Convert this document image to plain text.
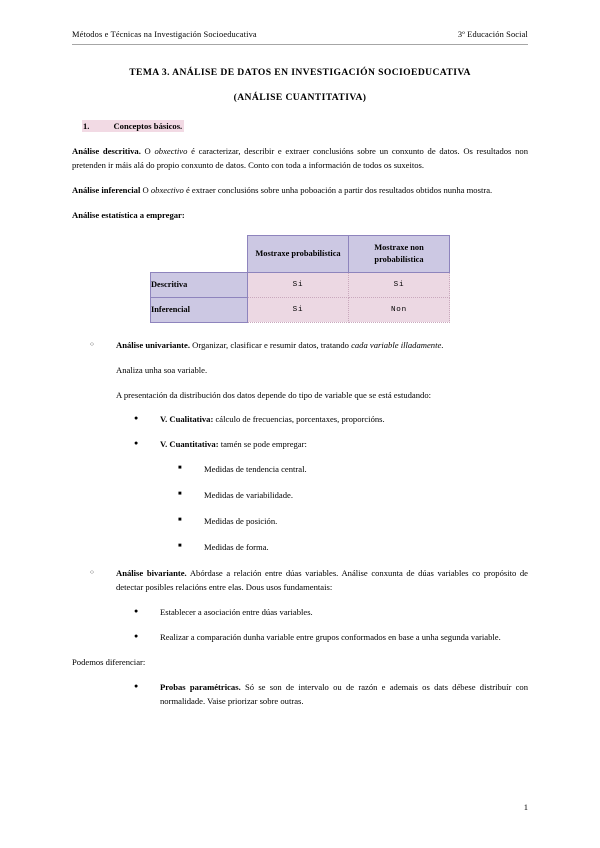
Métodos e Técnicas na Investigación Socioeducativa	3º Educación Social
TEMA 3. ANÁLISE DE DATOS EN INVESTIGACIÓN SOCIOEDUCATIVA
(ANÁLISE CUANTITATIVA)
1.	Conceptos básicos.

Análise descritiva. O obxectivo é caracterizar, describir e extraer conclusións sobre un conxunto de datos. Os resultados non pretenden ir máis alá do propio conxunto de datos. Conto con toda a información de todos os suxeitos.

Análise inferencial O obxectivo é extraer conclusións sobre unha poboación a partir dos resultados obtidos nunha mostra.

Análise estatística a empregar:

	Mostraxe probabilística	Mostraxe non probabilística
Descritiva	Si	Si
Inferencial	Si	Non
○	Análise univariante. Organizar, clasificar e resumir datos, tratando cada variable illadamente.

Analiza unha soa variable.

A presentación da distribución dos datos depende do tipo de variable que se está estudando:

●	V. Cualitativa: cálculo de frecuencias, porcentaxes, proporcións.
●	V. Cuantitativa: tamén se pode empregar:
■	Medidas de tendencia central.
■	Medidas de variabilidade.
■	Medidas de posición.
■	Medidas de forma.
○	Análise bivariante. Abórdase a relación entre dúas variables. Análise conxunta de dúas variables co propósito de detectar posibles relacións entre elas. Dous usos fundamentais:
●	Establecer a asociación entre dúas variables.
●	Realizar a comparación dunha variable entre grupos conformados en base a unha segunda variable.

Podemos diferenciar:

●	Probas paramétricas. Só se son de intervalo ou de razón e ademais os dats débese distribuír con normalidade. Vaise priorizar sobre outras.
1
